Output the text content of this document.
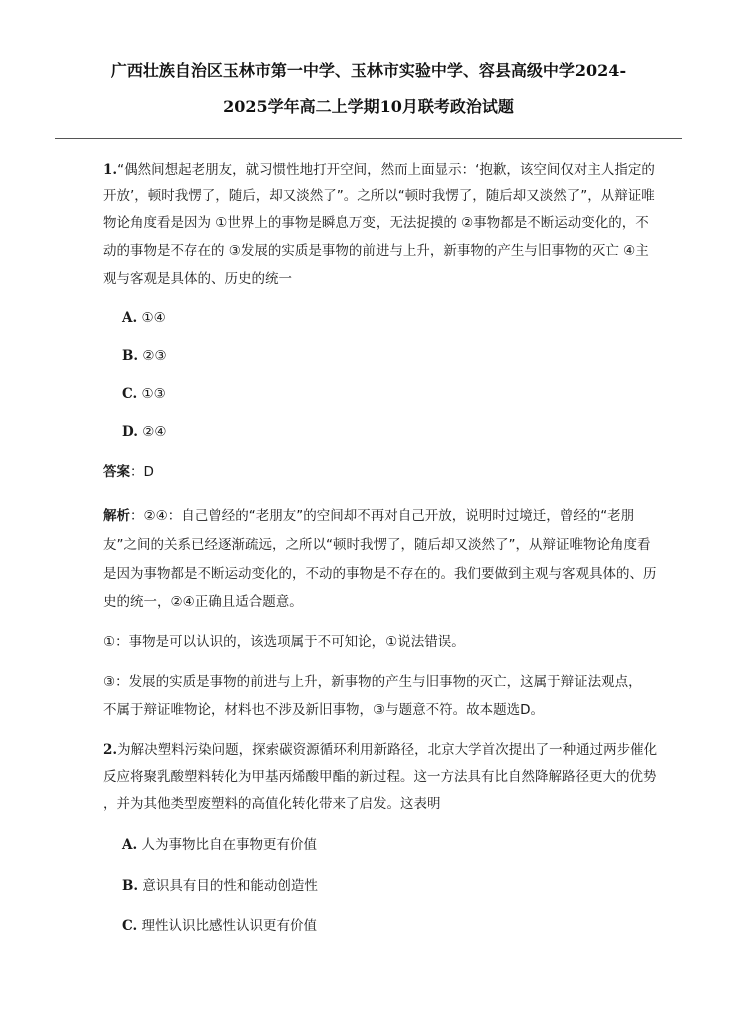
广西壮族自治区玉林市第一中学、玉林市实验中学、容县高级中学2024-
2025学年高二上学期10月联考政治试题
1.“偶然间想起老朋友，就习惯性地打开空间，然而上面显示：‘抱歉，该空间仅对主人指定的
开放’，顿时我愣了，随后，却又淡然了”。之所以“顿时我愣了，随后却又淡然了”，从辩证唯
物论角度看是因为 ①世界上的事物是瞬息万变，无法捉摸的 ②事物都是不断运动变化的，不
动的事物是不存在的 ③发展的实质是事物的前进与上升，新事物的产生与旧事物的灭亡 ④主
观与客观是具体的、历史的统一
A. ①④
B. ②③
C. ①③
D. ②④
答案：D
解析：②④：自己曾经的“老朋友”的空间却不再对自己开放，说明时过境迁，曾经的“老朋
友”之间的关系已经逐渐疏远，之所以“顿时我愣了，随后却又淡然了”，从辩证唯物论角度看
是因为事物都是不断运动变化的，不动的事物是不存在的。我们要做到主观与客观具体的、历
史的统一，②④正确且适合题意。
①：事物是可以认识的，该选项属于不可知论，①说法错误。
③：发展的实质是事物的前进与上升，新事物的产生与旧事物的灭亡，这属于辩证法观点，
不属于辩证唯物论，材料也不涉及新旧事物，③与题意不符。故本题选D。
2.为解决塑料污染问题，探索碳资源循环利用新路径，北京大学首次提出了一种通过两步催化
反应将聚乳酸塑料转化为甲基丙烯酸甲酯的新过程。这一方法具有比自然降解路径更大的优势
，并为其他类型废塑料的高值化转化带来了启发。这表明
A. 人为事物比自在事物更有价值
B. 意识具有目的性和能动创造性
C. 理性认识比感性认识更有价值
